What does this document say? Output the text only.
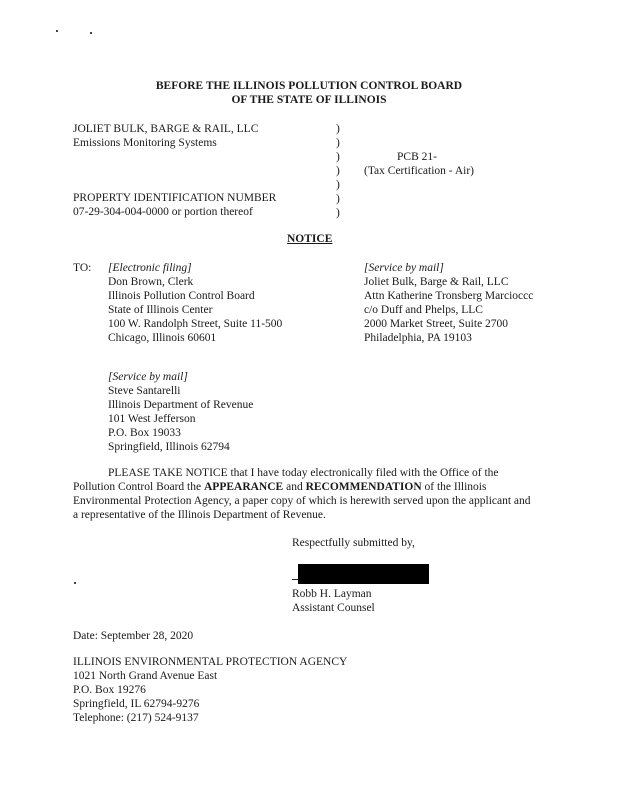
BEFORE THE ILLINOIS POLLUTION CONTROL BOARD
OF THE STATE OF ILLINOIS
JOLIET BULK, BARGE & RAIL, LLC
Emissions Monitoring Systems
PROPERTY IDENTIFICATION NUMBER
07-29-304-004-0000 or portion thereof
)
)
)
)
)
)
)
PCB 21-
(Tax Certification - Air)
NOTICE
TO: [Electronic filing]
Don Brown, Clerk
Illinois Pollution Control Board
State of Illinois Center
100 W. Randolph Street, Suite 11-500
Chicago, Illinois 60601
[Service by mail]
Joliet Bulk, Barge & Rail, LLC
Attn Katherine Tronsberg Marcioccc
c/o Duff and Phelps, LLC
2000 Market Street, Suite 2700
Philadelphia, PA 19103
[Service by mail]
Steve Santarelli
Illinois Department of Revenue
101 West Jefferson
P.O. Box 19033
Springfield, Illinois 62794
PLEASE TAKE NOTICE that I have today electronically filed with the Office of the Pollution Control Board the APPEARANCE and RECOMMENDATION of the Illinois Environmental Protection Agency, a paper copy of which is herewith served upon the applicant and a representative of the Illinois Department of Revenue.
Respectfully submitted by,
Robb H. Layman
Assistant Counsel
Date: September 28, 2020
ILLINOIS ENVIRONMENTAL PROTECTION AGENCY
1021 North Grand Avenue East
P.O. Box 19276
Springfield, IL 62794-9276
Telephone: (217) 524-9137
